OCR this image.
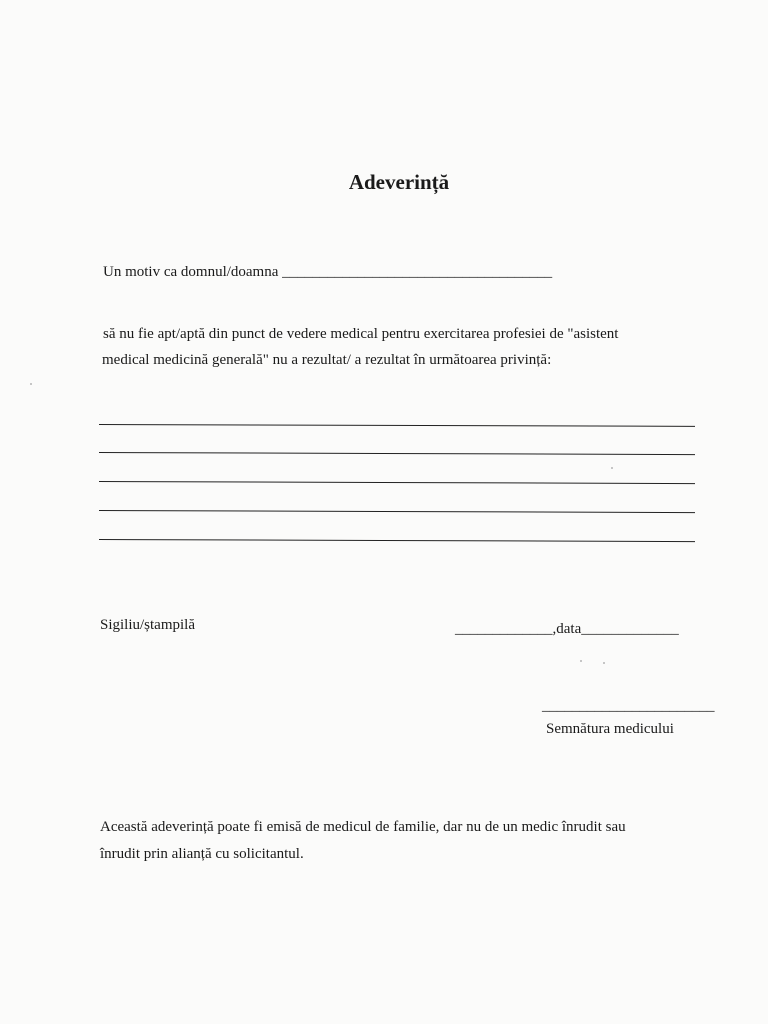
Adeverință
Un motiv ca domnul/doamna ____________________________________
să nu fie apt/aptă din punct de vedere medical pentru exercitarea profesiei de "asistent
medical medicină generală" nu a rezultat/ a rezultat în următoarea privință:
Sigiliu/ștampilă	_____________,data_____________
_______________________
Semnătura medicului
Această adeverință poate fi emisă de medicul de familie, dar nu de un medic înrudit sau
înrudit prin alianță cu solicitantul.
